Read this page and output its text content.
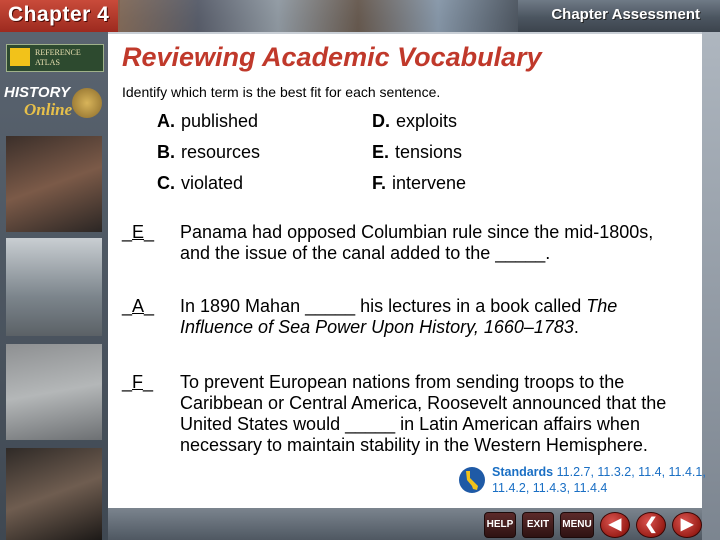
Chapter 4	Chapter Assessment
REFERENCE ATLAS
HISTORY
Online
Reviewing Academic Vocabulary
Identify which term is the best fit for each sentence.
A. published
B. resources
C. violated
D. exploits
E. tensions
F. intervene
_E_ Panama had opposed Columbian rule since the mid-1800s, and the issue of the canal added to the _____.
_A_ In 1890 Mahan _____ his lectures in a book called The Influence of Sea Power Upon History, 1660–1783.
_F_ To prevent European nations from sending troops to the Caribbean or Central America, Roosevelt announced that the United States would _____ in Latin American affairs when necessary to maintain stability in the Western Hemisphere.
Standards 11.2.7, 11.3.2, 11.4, 11.4.1, 11.4.2, 11.4.3, 11.4.4
HELP	EXIT	MENU	◀	❮	▶
